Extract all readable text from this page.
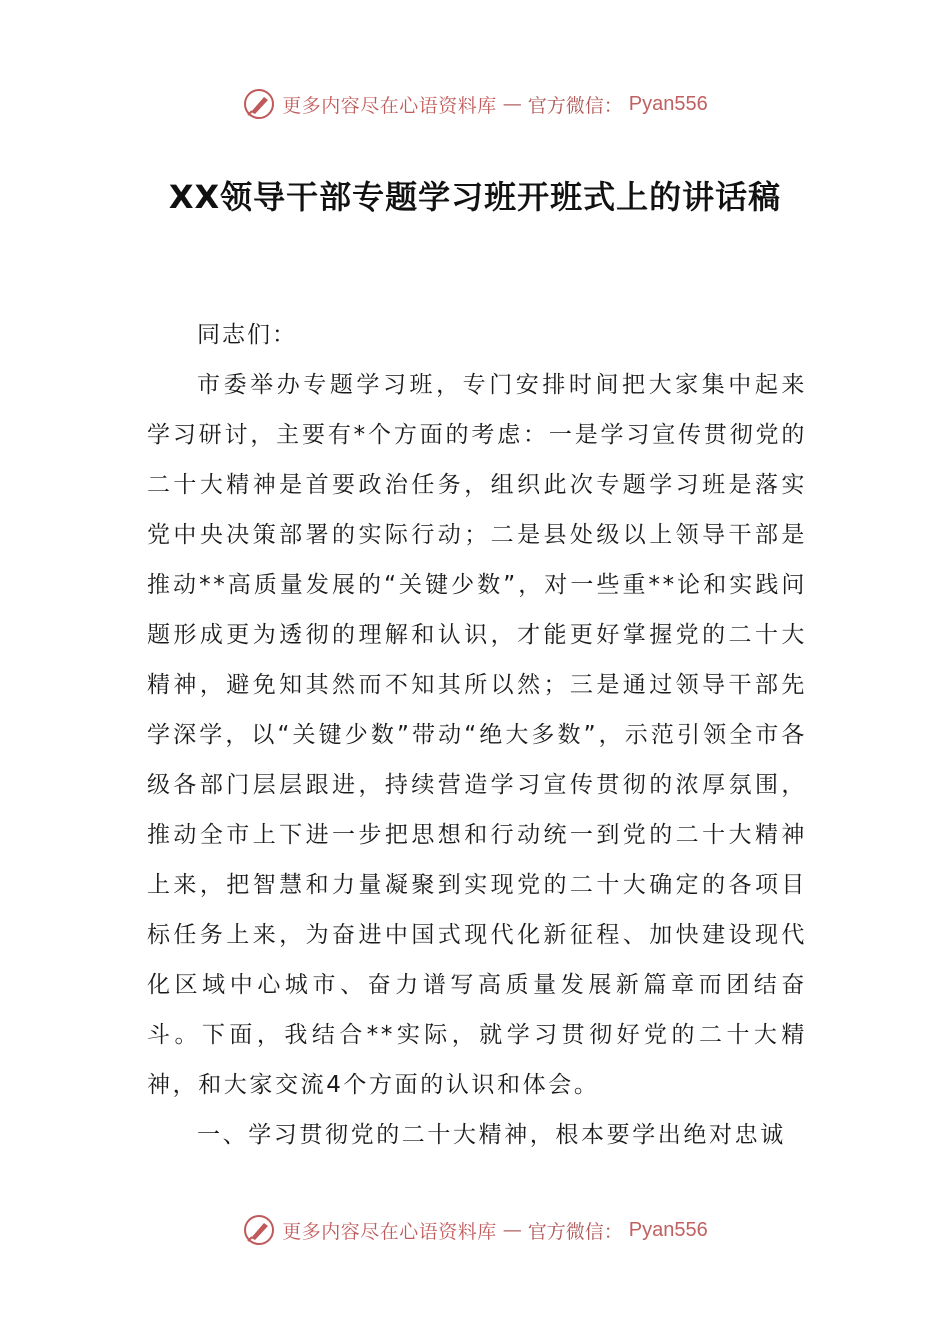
更多内容尽在心语资料库 — 官方微信： Pyan556
XX领导干部专题学习班开班式上的讲话稿

同志们：

市委举办专题学习班，专门安排时间把大家集中起来学习研讨，主要有*个方面的考虑：一是学习宣传贯彻党的二十大精神是首要政治任务，组织此次专题学习班是落实党中央决策部署的实际行动；二是县处级以上领导干部是推动**高质量发展的“关键少数”，对一些重**论和实践问题形成更为透彻的理解和认识，才能更好掌握党的二十大精神，避免知其然而不知其所以然；三是通过领导干部先学深学，以“关键少数”带动“绝大多数”，示范引领全市各级各部门层层跟进，持续营造学习宣传贯彻的浓厚氛围，推动全市上下进一步把思想和行动统一到党的二十大精神上来，把智慧和力量凝聚到实现党的二十大确定的各项目标任务上来，为奋进中国式现代化新征程、加快建设现代化区域中心城市、奋力谱写高质量发展新篇章而团结奋斗。下面，我结合**实际，就学习贯彻好党的二十大精神，和大家交流4个方面的认识和体会。

一、学习贯彻党的二十大精神，根本要学出绝对忠诚

更多内容尽在心语资料库 — 官方微信： Pyan556
